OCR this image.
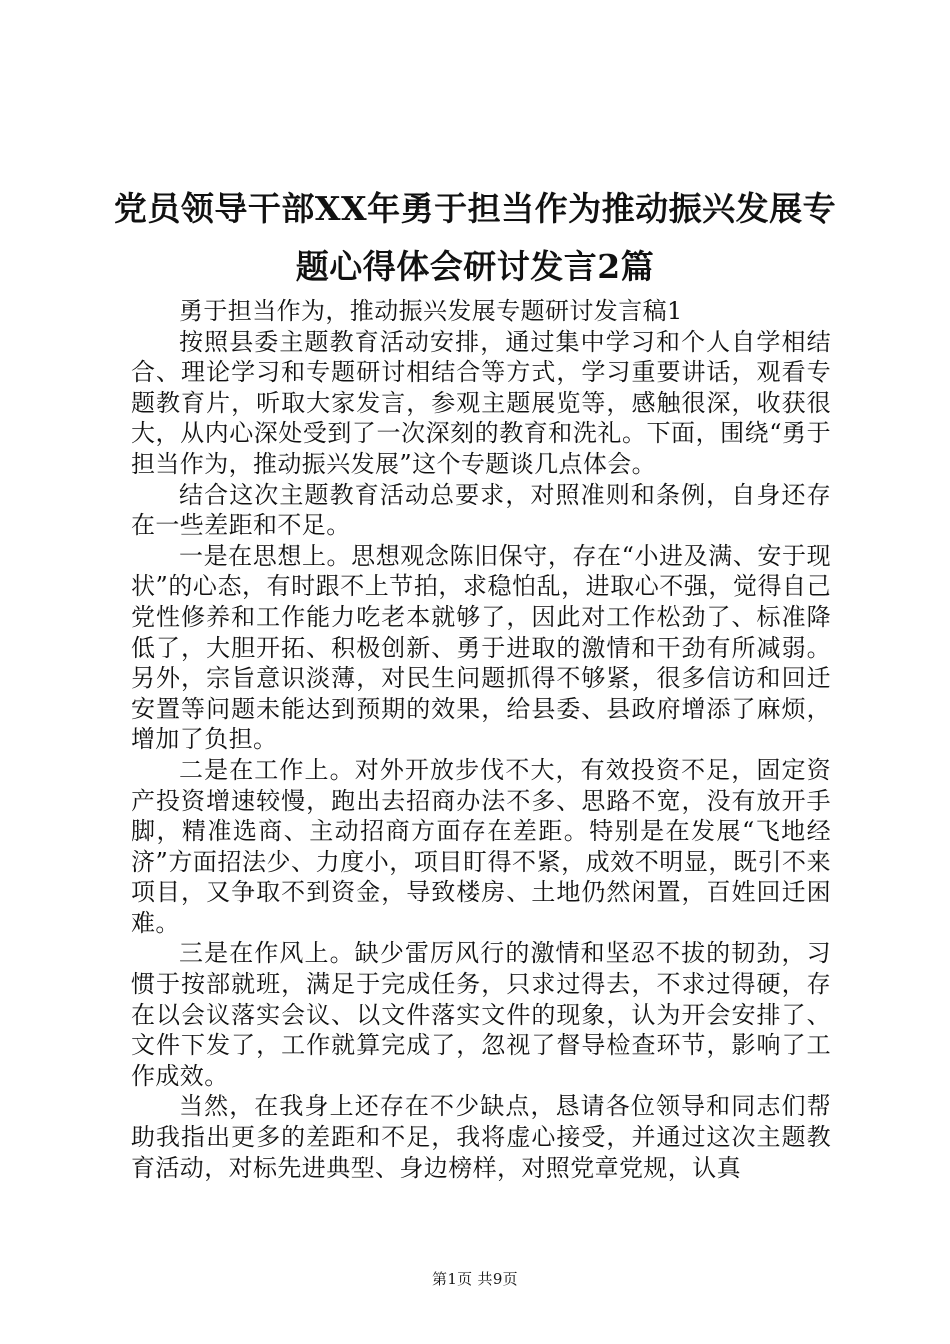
党员领导干部XX年勇于担当作为推动振兴发展专题心得体会研讨发言2篇

勇于担当作为，推动振兴发展专题研讨发言稿1

按照县委主题教育活动安排，通过集中学习和个人自学相结合、理论学习和专题研讨相结合等方式，学习重要讲话，观看专题教育片，听取大家发言，参观主题展览等，感触很深，收获很大，从内心深处受到了一次深刻的教育和洗礼。下面，围绕“勇于担当作为，推动振兴发展”这个专题谈几点体会。

结合这次主题教育活动总要求，对照准则和条例，自身还存在一些差距和不足。

一是在思想上。思想观念陈旧保守，存在“小进及满、安于现状”的心态，有时跟不上节拍，求稳怕乱，进取心不强，觉得自己党性修养和工作能力吃老本就够了，因此对工作松劲了、标准降低了，大胆开拓、积极创新、勇于进取的激情和干劲有所减弱。另外，宗旨意识淡薄，对民生问题抓得不够紧，很多信访和回迁安置等问题未能达到预期的效果，给县委、县政府增添了麻烦，增加了负担。

二是在工作上。对外开放步伐不大，有效投资不足，固定资产投资增速较慢，跑出去招商办法不多、思路不宽，没有放开手脚，精准选商、主动招商方面存在差距。特别是在发展“飞地经济”方面招法少、力度小，项目盯得不紧，成效不明显，既引不来项目，又争取不到资金，导致楼房、土地仍然闲置，百姓回迁困难。

三是在作风上。缺少雷厉风行的激情和坚忍不拔的韧劲，习惯于按部就班，满足于完成任务，只求过得去，不求过得硬，存在以会议落实会议、以文件落实文件的现象，认为开会安排了、文件下发了，工作就算完成了，忽视了督导检查环节，影响了工作成效。

当然，在我身上还存在不少缺点，恳请各位领导和同志们帮助我指出更多的差距和不足，我将虚心接受，并通过这次主题教育活动，对标先进典型、身边榜样，对照党章党规，认真

第1页 共9页
